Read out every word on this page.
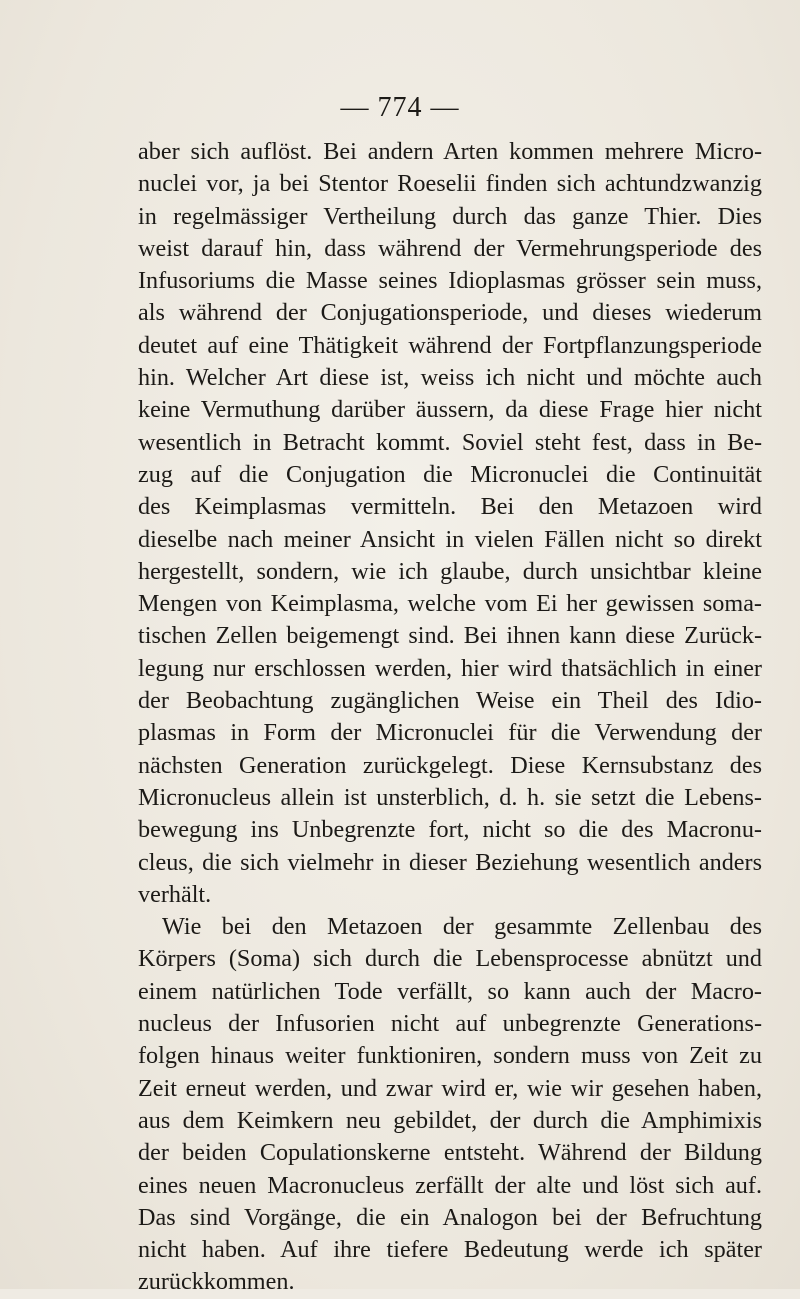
— 774 —
aber sich auflöst. Bei andern Arten kommen mehrere Micro-
nuclei vor, ja bei Stentor Roeselii finden sich achtundzwanzig
in regelmässiger Vertheilung durch das ganze Thier. Dies
weist darauf hin, dass während der Vermehrungsperiode des
Infusoriums die Masse seines Idioplasmas grösser sein muss,
als während der Conjugationsperiode, und dieses wiederum
deutet auf eine Thätigkeit während der Fortpflanzungsperiode
hin. Welcher Art diese ist, weiss ich nicht und möchte auch
keine Vermuthung darüber äussern, da diese Frage hier nicht
wesentlich in Betracht kommt. Soviel steht fest, dass in Be-
zug auf die Conjugation die Micronuclei die Continuität
des Keimplasmas vermitteln. Bei den Metazoen wird
dieselbe nach meiner Ansicht in vielen Fällen nicht so direkt
hergestellt, sondern, wie ich glaube, durch unsichtbar kleine
Mengen von Keimplasma, welche vom Ei her gewissen soma-
tischen Zellen beigemengt sind. Bei ihnen kann diese Zurück-
legung nur erschlossen werden, hier wird thatsächlich in einer
der Beobachtung zugänglichen Weise ein Theil des Idio-
plasmas in Form der Micronuclei für die Verwendung der
nächsten Generation zurückgelegt. Diese Kernsubstanz des
Micronucleus allein ist unsterblich, d. h. sie setzt die Lebens-
bewegung ins Unbegrenzte fort, nicht so die des Macronu-
cleus, die sich vielmehr in dieser Beziehung wesentlich anders
verhält.
Wie bei den Metazoen der gesammte Zellenbau des
Körpers (Soma) sich durch die Lebensprocesse abnützt und
einem natürlichen Tode verfällt, so kann auch der Macro-
nucleus der Infusorien nicht auf unbegrenzte Generations-
folgen hinaus weiter funktioniren, sondern muss von Zeit zu
Zeit erneut werden, und zwar wird er, wie wir gesehen haben,
aus dem Keimkern neu gebildet, der durch die Amphimixis
der beiden Copulationskerne entsteht. Während der Bildung
eines neuen Macronucleus zerfällt der alte und löst sich auf.
Das sind Vorgänge, die ein Analogon bei der Befruchtung
nicht haben. Auf ihre tiefere Bedeutung werde ich später
zurückkommen.
